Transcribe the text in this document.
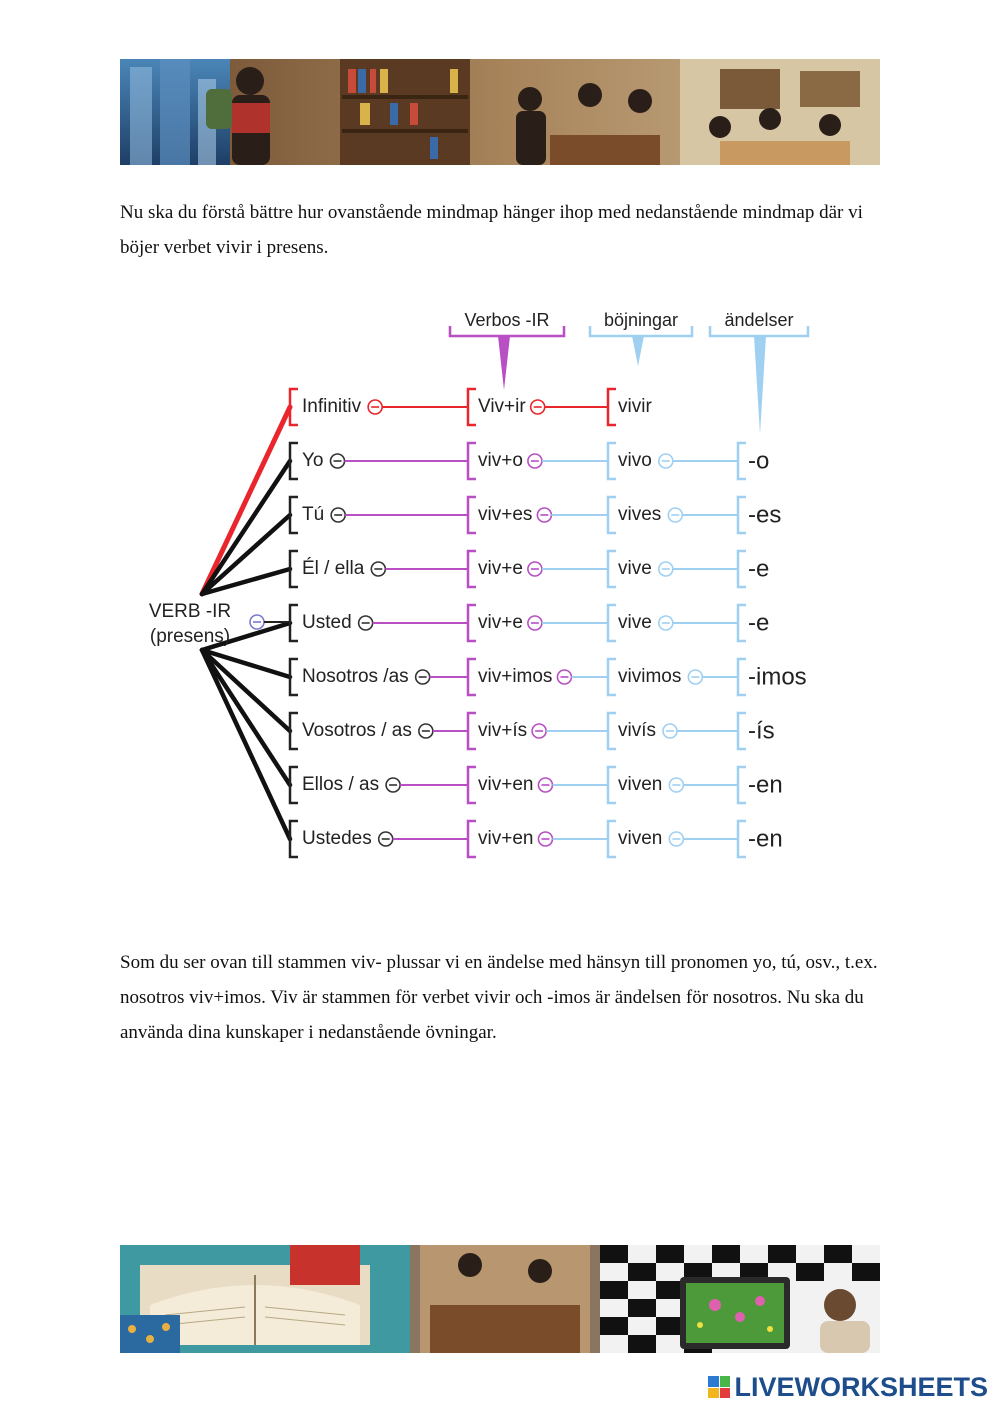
Nu ska du förstå bättre hur ovanstående mindmap hänger ihop med nedanstående mindmap där vi böjer verbet vivir i presens.

Verbos -IR	böjningar	ändelser
Infinitiv	Viv+ir	vivir
Yo	viv+o	vivo	-o
Tú	viv+es	vives	-es
Él / ella	viv+e	vive	-e
Usted	viv+e	vive	-e
Nosotros /as	viv+imos	vivimos	-imos
Vosotros / as	viv+ís	vivís	-ís
Ellos / as	viv+en	viven	-en
Ustedes	viv+en	viven	-en
VERB -IR
(presens)

Som du ser ovan till stammen viv- plussar vi en ändelse med hänsyn till pronomen yo, tú, osv., t.ex. nosotros viv+imos. Viv är stammen för verbet vivir och -imos är ändelsen för nosotros. Nu ska du använda dina kunskaper i nedanstående övningar.

LIVEWORKSHEETS
